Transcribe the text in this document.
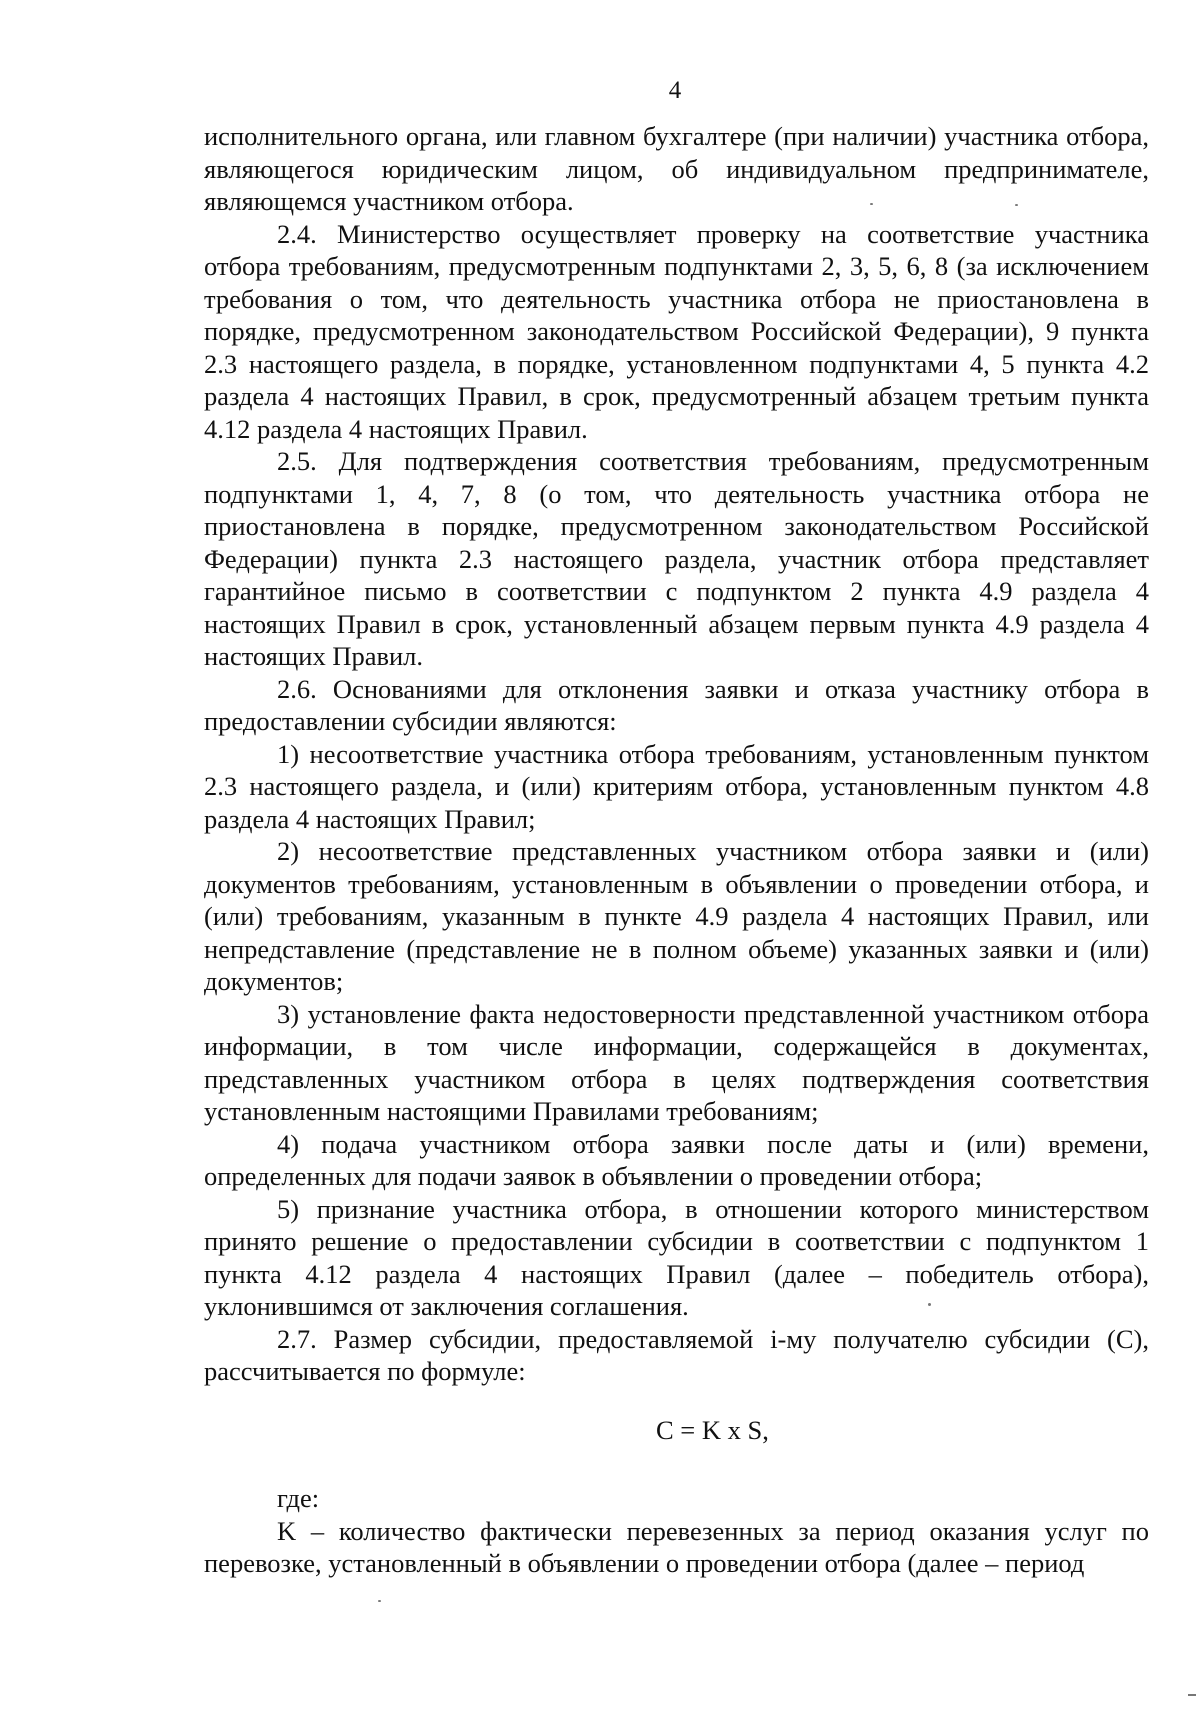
4

исполнительного органа, или главном бухгалтере (при наличии) участника отбора, являющегося юридическим лицом, об индивидуальном предпринимателе, являющемся участником отбора.

2.4. Министерство осуществляет проверку на соответствие участника отбора требованиям, предусмотренным подпунктами 2, 3, 5, 6, 8 (за исключением требования о том, что деятельность участника отбора не приостановлена в порядке, предусмотренном законодательством Российской Федерации), 9 пункта 2.3 настоящего раздела, в порядке, установленном подпунктами 4, 5 пункта 4.2 раздела 4 настоящих Правил, в срок, предусмотренный абзацем третьим пункта 4.12 раздела 4 настоящих Правил.

2.5. Для подтверждения соответствия требованиям, предусмотренным подпунктами 1, 4, 7, 8 (о том, что деятельность участника отбора не приостановлена в порядке, предусмотренном законодательством Российской Федерации) пункта 2.3 настоящего раздела, участник отбора представляет гарантийное письмо в соответствии с подпунктом 2 пункта 4.9 раздела 4 настоящих Правил в срок, установленный абзацем первым пункта 4.9 раздела 4 настоящих Правил.

2.6. Основаниями для отклонения заявки и отказа участнику отбора в предоставлении субсидии являются:

1) несоответствие участника отбора требованиям, установленным пунктом 2.3 настоящего раздела, и (или) критериям отбора, установленным пунктом 4.8 раздела 4 настоящих Правил;

2) несоответствие представленных участником отбора заявки и (или) документов требованиям, установленным в объявлении о проведении отбора, и (или) требованиям, указанным в пункте 4.9 раздела 4 настоящих Правил, или непредставление (представление не в полном объеме) указанных заявки и (или) документов;

3) установление факта недостоверности представленной участником отбора информации, в том числе информации, содержащейся в документах, представленных участником отбора в целях подтверждения соответствия установленным настоящими Правилами требованиям;

4) подача участником отбора заявки после даты и (или) времени, определенных для подачи заявок в объявлении о проведении отбора;

5) признание участника отбора, в отношении которого министерством принято решение о предоставлении субсидии в соответствии с подпунктом 1 пункта 4.12 раздела 4 настоящих Правил (далее – победитель отбора), уклонившимся от заключения соглашения.

2.7. Размер субсидии, предоставляемой i-му получателю субсидии (С), рассчитывается по формуле:

С = K x S,

где:

K – количество фактически перевезенных за период оказания услуг по перевозке, установленный в объявлении о проведении отбора (далее – период
